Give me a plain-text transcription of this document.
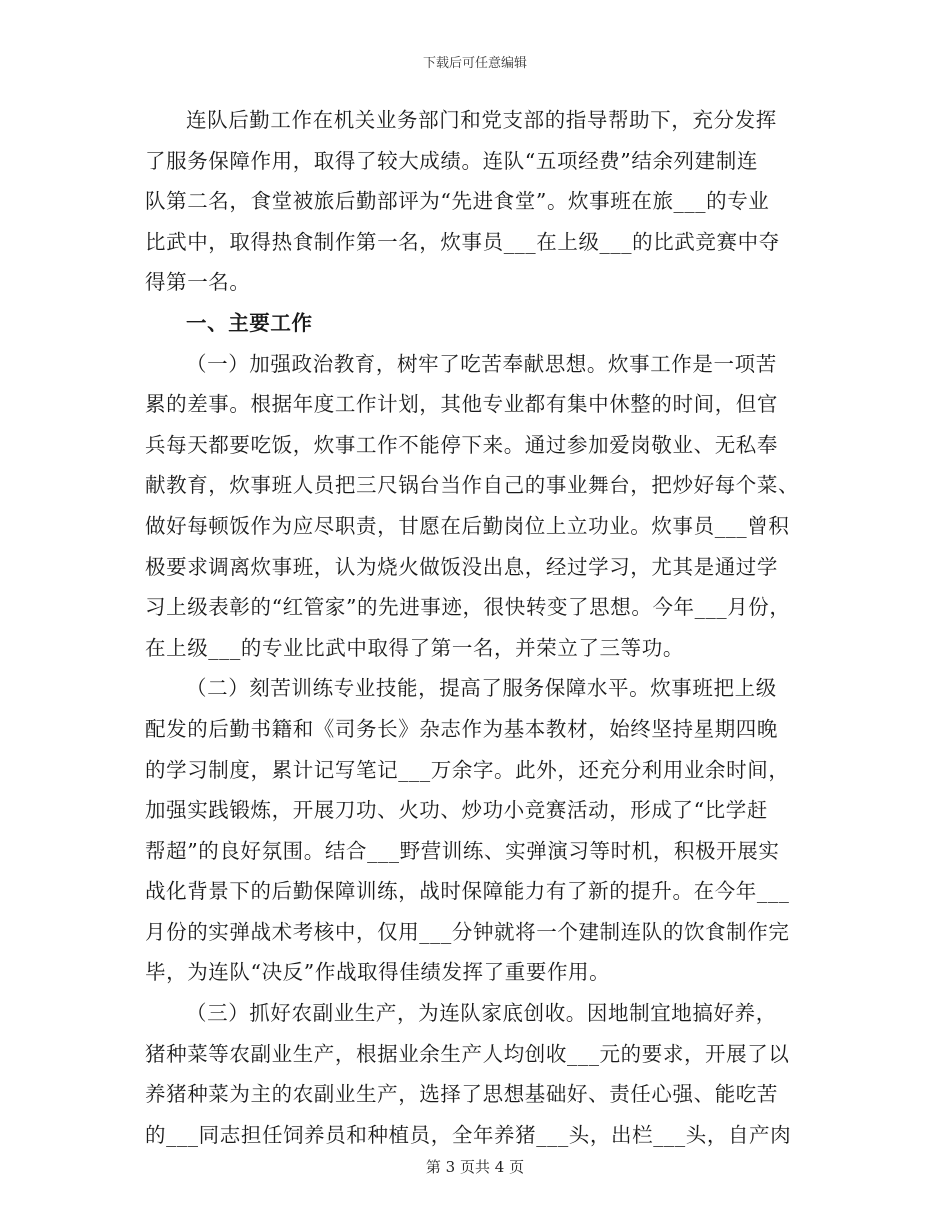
下载后可任意编辑

连队后勤工作在机关业务部门和党支部的指导帮助下，充分发挥
了服务保障作用，取得了较大成绩。连队“五项经费”结余列建制连
队第二名，食堂被旅后勤部评为“先进食堂”。炊事班在旅___的专业
比武中，取得热食制作第一名，炊事员___在上级___的比武竞赛中夺
得第一名。

一、主要工作

（一）加强政治教育，树牢了吃苦奉献思想。炊事工作是一项苦
累的差事。根据年度工作计划，其他专业都有集中休整的时间，但官
兵每天都要吃饭，炊事工作不能停下来。通过参加爱岗敬业、无私奉
献教育，炊事班人员把三尺锅台当作自己的事业舞台，把炒好每个菜、
做好每顿饭作为应尽职责，甘愿在后勤岗位上立功业。炊事员___曾积
极要求调离炊事班，认为烧火做饭没出息，经过学习，尤其是通过学
习上级表彰的“红管家”的先进事迹，很快转变了思想。今年___月份，
在上级___的专业比武中取得了第一名，并荣立了三等功。

（二）刻苦训练专业技能，提高了服务保障水平。炊事班把上级
配发的后勤书籍和《司务长》杂志作为基本教材，始终坚持星期四晚
的学习制度，累计记写笔记___万余字。此外，还充分利用业余时间，
加强实践锻炼，开展刀功、火功、炒功小竞赛活动，形成了“比学赶
帮超”的良好氛围。结合___野营训练、实弹演习等时机，积极开展实
战化背景下的后勤保障训练，战时保障能力有了新的提升。在今年___
月份的实弹战术考核中，仅用___分钟就将一个建制连队的饮食制作完
毕，为连队“决反”作战取得佳绩发挥了重要作用。

（三）抓好农副业生产，为连队家底创收。因地制宜地搞好养，
猪种菜等农副业生产，根据业余生产人均创收___元的要求，开展了以
养猪种菜为主的农副业生产，选择了思想基础好、责任心强、能吃苦
的___同志担任饲养员和种植员，全年养猪___头，出栏___头，自产肉

第 3 页共 4 页
